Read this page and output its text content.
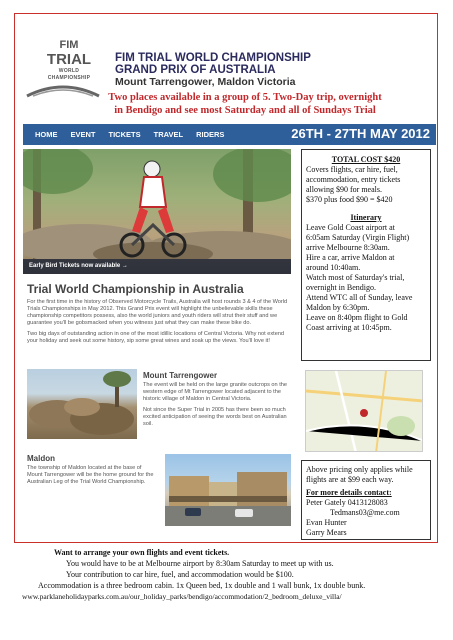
FIM
TRIAL
WORLD
CHAMPIONSHIP
FIM TRIAL WORLD CHAMPIONSHIP
GRAND PRIX OF AUSTRALIA
Mount Tarrengower, Maldon Victoria
Two places available in a group of 5. Two-Day trip, overnight
in Bendigo and see most Saturday and all of Sundays Trial
HOME EVENT TICKETS TRAVEL RIDERS	26TH - 27TH MAY 2012
Early Bird Tickets now available →
Trial World Championship in Australia

For the first time in the history of Observed Motorcycle Trails, Australia will host rounds 3 & 4 of the World Trials Championships in May 2012. This Grand Prix event will highlight the unbelievable skills these championship competitors possess, also the world juniors and youth riders will strut their stuff and we guarantee you'll be gobsmacked when you witness just what they can make these bike do.

Two big days of outstanding action in one of the most idillic locations of Central Victoria. Why not extend your holiday and seek out some history, sip some great wines and soak up the views. You'll love it!

Mount Tarrengower

The event will be held on the large granite outcrops on the western edge of Mt Tarrengower located adjacent to the historic village of Maldon in Central Victoria.

Not since the Super Trial in 2005 has there been so much excited anticipation of seeing the words best on Australian soil.

Maldon
The township of Maldon located at the base of Mount Tarrengower will be the home ground for the Australian Leg of the Trial World Championship.
TOTAL COST $420

Covers flights, car hire, fuel,

accommodation, entry tickets

allowing $90 for meals.

$370 plus food $90 = $420

Itinerary

Leave Gold Coast airport at

6:05am Saturday (Virgin Flight)

arrive Melbourne 8:30am.

Hire a car, arrive Maldon at

around 10:40am.

Watch most of Saturday's trial,

overnight in Bendigo.

Attend WTC all of Sunday, leave

Maldon by 6:30pm.

Leave on 8:40pm flight to Gold

Coast arriving at 10:45pm.

Above pricing only applies while flights are at $99 each way.
For more details contact:
Peter Gately 0413128083
Tedmans03@me.com
Evan Hunter
Garry Mears
Want to arrange your own flights and event tickets.
You would have to be at Melbourne airport by 8:30am Saturday to meet up with us.
Your contribution to car hire, fuel, and accommodation would be $100.
Accommodation is a three bedroom cabin. 1x Queen bed, 1x double and 1 wall bunk, 1x double bunk.
www.parklaneholidayparks.com.au/our_holiday_parks/bendigo/accommodation/2_bedroom_deluxe_villa/
